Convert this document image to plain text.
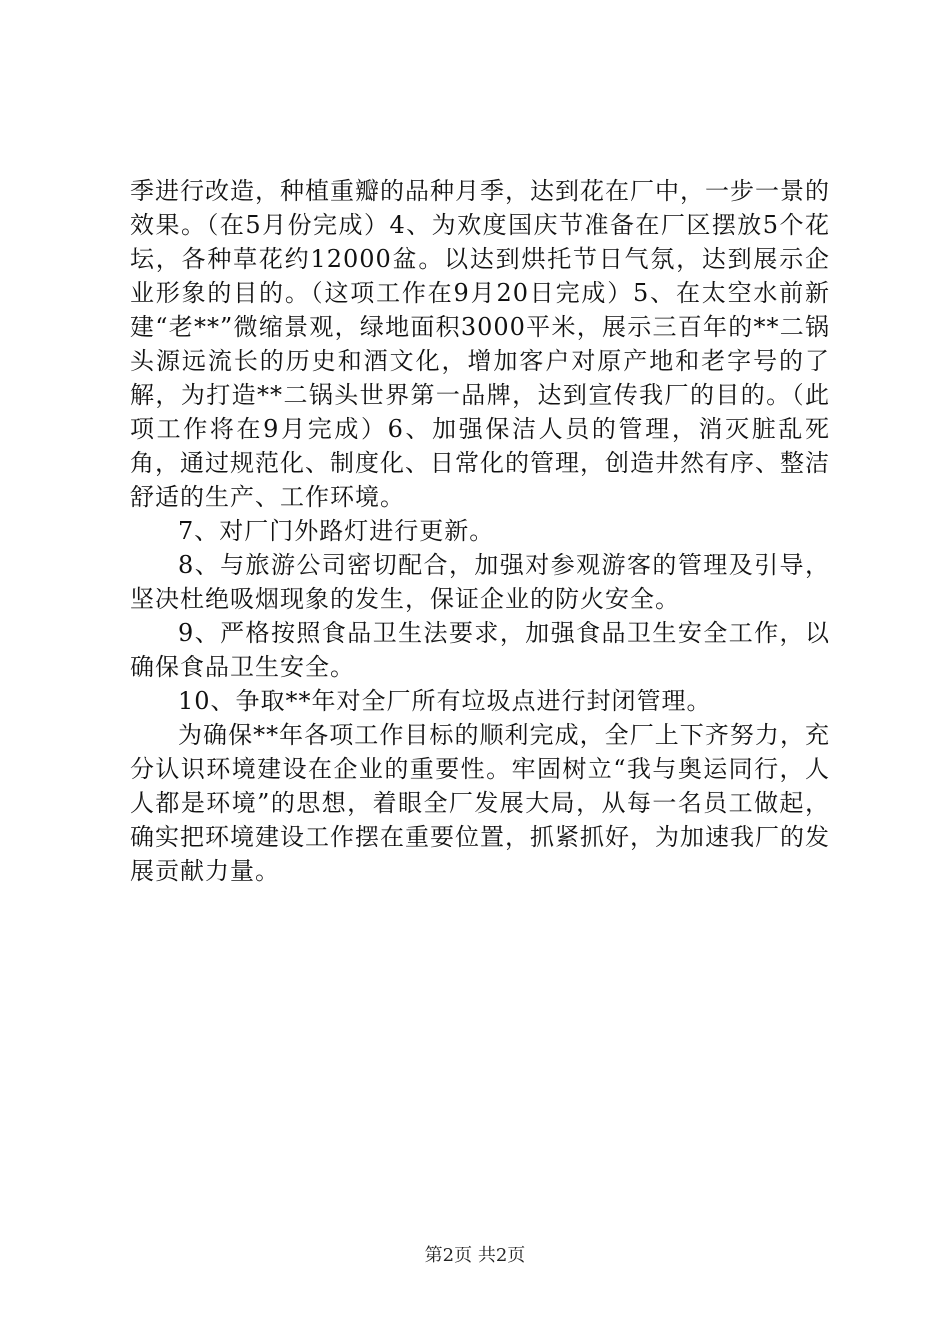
季进行改造，种植重瓣的品种月季，达到花在厂中，一步一景的效果。（在5月份完成）4、为欢度国庆节准备在厂区摆放5个花坛，各种草花约12000盆。以达到烘托节日气氛，达到展示企业形象的目的。（这项工作在9月20日完成）5、在太空水前新建“老**”微缩景观，绿地面积3000平米，展示三百年的**二锅头源远流长的历史和酒文化，增加客户对原产地和老字号的了解，为打造**二锅头世界第一品牌，达到宣传我厂的目的。（此项工作将在9月完成）6、加强保洁人员的管理，消灭脏乱死角，通过规范化、制度化、日常化的管理，创造井然有序、整洁舒适的生产、工作环境。

7、对厂门外路灯进行更新。

8、与旅游公司密切配合，加强对参观游客的管理及引导，坚决杜绝吸烟现象的发生，保证企业的防火安全。

9、严格按照食品卫生法要求，加强食品卫生安全工作，以确保食品卫生安全。

10、争取**年对全厂所有垃圾点进行封闭管理。

为确保**年各项工作目标的顺利完成，全厂上下齐努力，充分认识环境建设在企业的重要性。牢固树立“我与奥运同行，人人都是环境”的思想，着眼全厂发展大局，从每一名员工做起，确实把环境建设工作摆在重要位置，抓紧抓好，为加速我厂的发展贡献力量。

第2页 共2页
